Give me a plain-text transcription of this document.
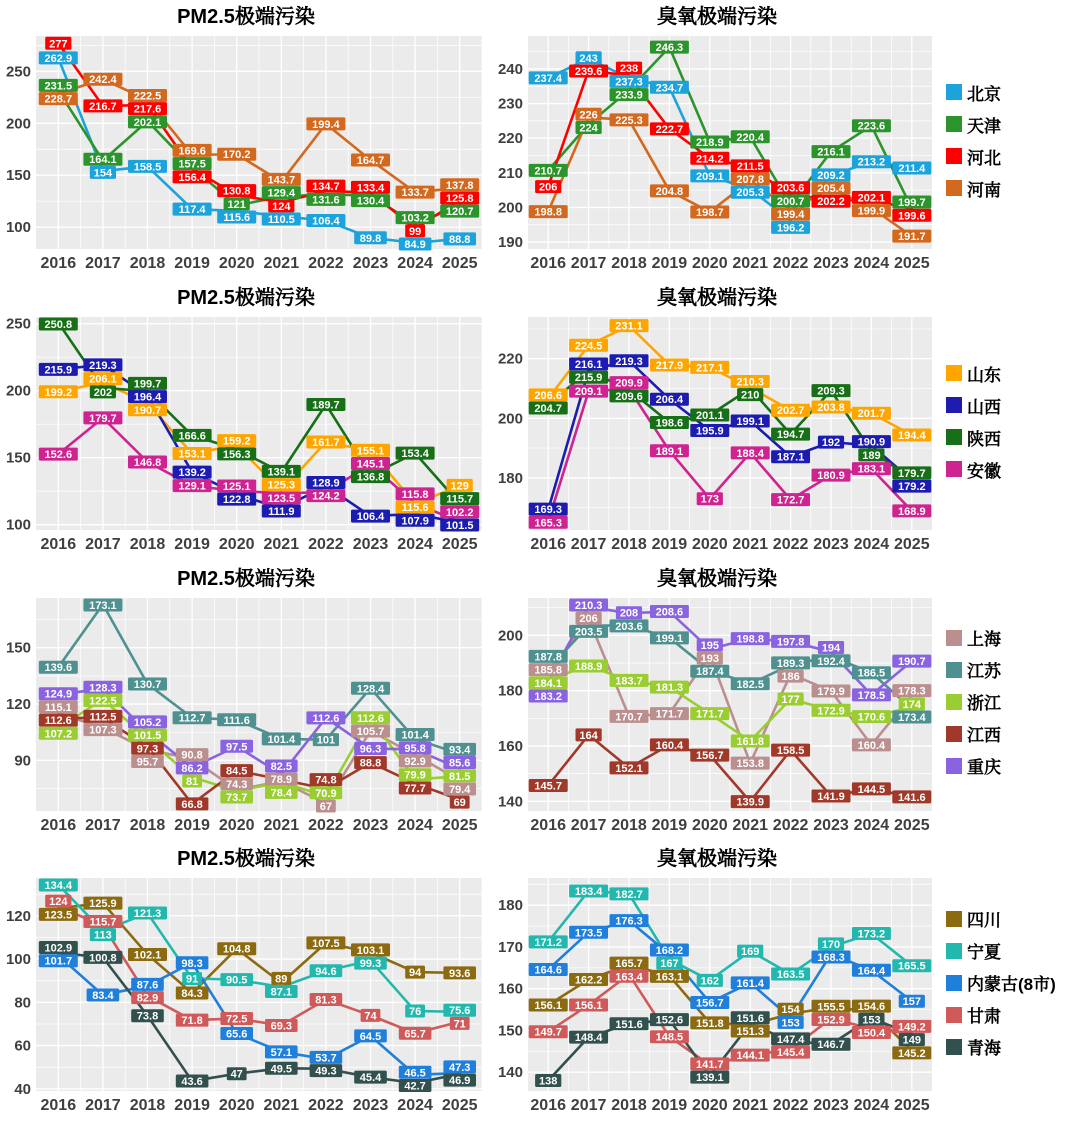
PM2.5极端污染
100
150
200
250
2016 2017 2018 2019 2020 2021 2022 2023 2024 2025
277
262.9
231.5
228.7
242.4
216.7
164.1
154
222.5
217.6
202.1
158.5
169.6
157.5
156.4
117.4
170.2
130.8
121
115.6
143.7
129.4
124
110.5
199.4
134.7
131.6
106.4
164.7
133.4
130.4
89.8
133.7
103.2
99
84.9
137.8
125.8
120.7
88.8
臭氧极端污染
190
200
210
220
230
240
2016 2017 2018 2019 2020 2021 2022 2023 2024 2025
237.4
210.7
206
198.8
243
239.6
226
224
238
237.3
233.9
225.3
246.3
234.7
222.7
204.8
218.9
214.2
209.1
198.7
220.4
211.5
207.8
205.3 203.6
200.7
199.4
196.2
216.1
209.2
205.4
202.2
223.6
213.2
202.1
199.9
211.4
199.7
199.6
191.7
北京
天津
河北
河南
PM2.5极端污染
100
150
200
250
2016 2017 2018 2019 2020 2021 2022 2023 2024 2025
250.8
215.9
199.2
152.6
219.3
206.1
202
179.7
199.7
196.4
190.7
146.8
166.6
153.1
139.2
129.1
159.2
156.3
125.1
122.8
139.1
125.3
123.5
111.9
189.7
161.7
128.9
124.2
155.1
145.1
136.8
106.4
153.4
115.8
115.6
107.9
129
115.7
102.2
101.5
臭氧极端污染
180
200
220
2016 2017 2018 2019 2020 2021 2022 2023 2024 2025
206.6
204.7
169.3
165.3
224.5
216.1
215.9
209.1
231.1
219.3
209.9
209.6
217.9
206.4
198.6
189.1
217.1
201.1
195.9
173
210.3
210
199.1
188.4
202.7
194.7
187.1
172.7
209.3
203.8
192
180.9
201.7
190.9
189
183.1
194.4
179.7
179.2
168.9
山东
山西
陕西
安徽
PM2.5极端污染
90
120
150
2016 2017 2018 2019 2020 2021 2022 2023 2024 2025
139.6
124.9
115.1
112.6
107.2
173.1
128.3
122.5
112.5
107.3
130.7
105.2
101.5
97.3
95.7
112.7
90.8
86.2
81
66.8
111.6
97.5
84.5
74.3
73.7
101.4
82.5
78.9
78.4
112.6
101
74.8
70.9
67
128.4
112.6
105.7
96.3
88.8
101.4
95.8
92.9
79.9
77.7
93.4
85.6
81.5
79.4
69
臭氧极端污染
140
160
180
200
2016 2017 2018 2019 2020 2021 2022 2023 2024 2025
187.8
185.8
184.1
183.2
145.7
210.3
206
203.5
188.9
164
208
203.6
183.7
170.7
152.1
208.6
199.1
181.3
171.7
160.4
195
193
187.4
171.7
156.7
198.8
182.5
161.8
153.8
139.9
197.8
189.3
186
177
158.5
194
192.4
179.9
172.9
141.9
186.5
178.5
170.6
160.4
144.5
190.7
178.3
174
173.4
141.6
上海
江苏
浙江
江西
重庆
PM2.5极端污染
40
60
80
100
120
2016 2017 2018 2019 2020 2021 2022 2023 2024 2025
134.4
124
123.5
102.9
101.7
125.9
115.7
113
100.8
83.4
121.3
102.1
87.6
82.9
73.8
98.3
91
84.3
71.8
43.6
104.8
90.5
72.5
65.6
47
89
87.1
69.3
57.1
49.5
107.5
94.6
81.3
53.7
49.3
103.1
99.3
74
64.5
45.4
94
76
65.7
46.5
42.7
93.6
75.6
71
47.3
46.9
臭氧极端污染
140
150
160
170
180
2016 2017 2018 2019 2020 2021 2022 2023 2024 2025
171.2
164.6
156.1
149.7
138
183.4
173.5
162.2
156.1
148.4
182.7
176.3
165.7
163.4
151.6
168.2
167
163.1
152.6
148.5
162
156.7
151.8
141.7
139.1
169
161.4
151.6
151.3
144.1
163.5
154
153
147.4
145.4
170
168.3
155.5
152.9
146.7
173.2
164.4
154.6
153
150.4
165.5
157
149.2
149
145.2
四川
宁夏
内蒙古(8市)
甘肃
青海
